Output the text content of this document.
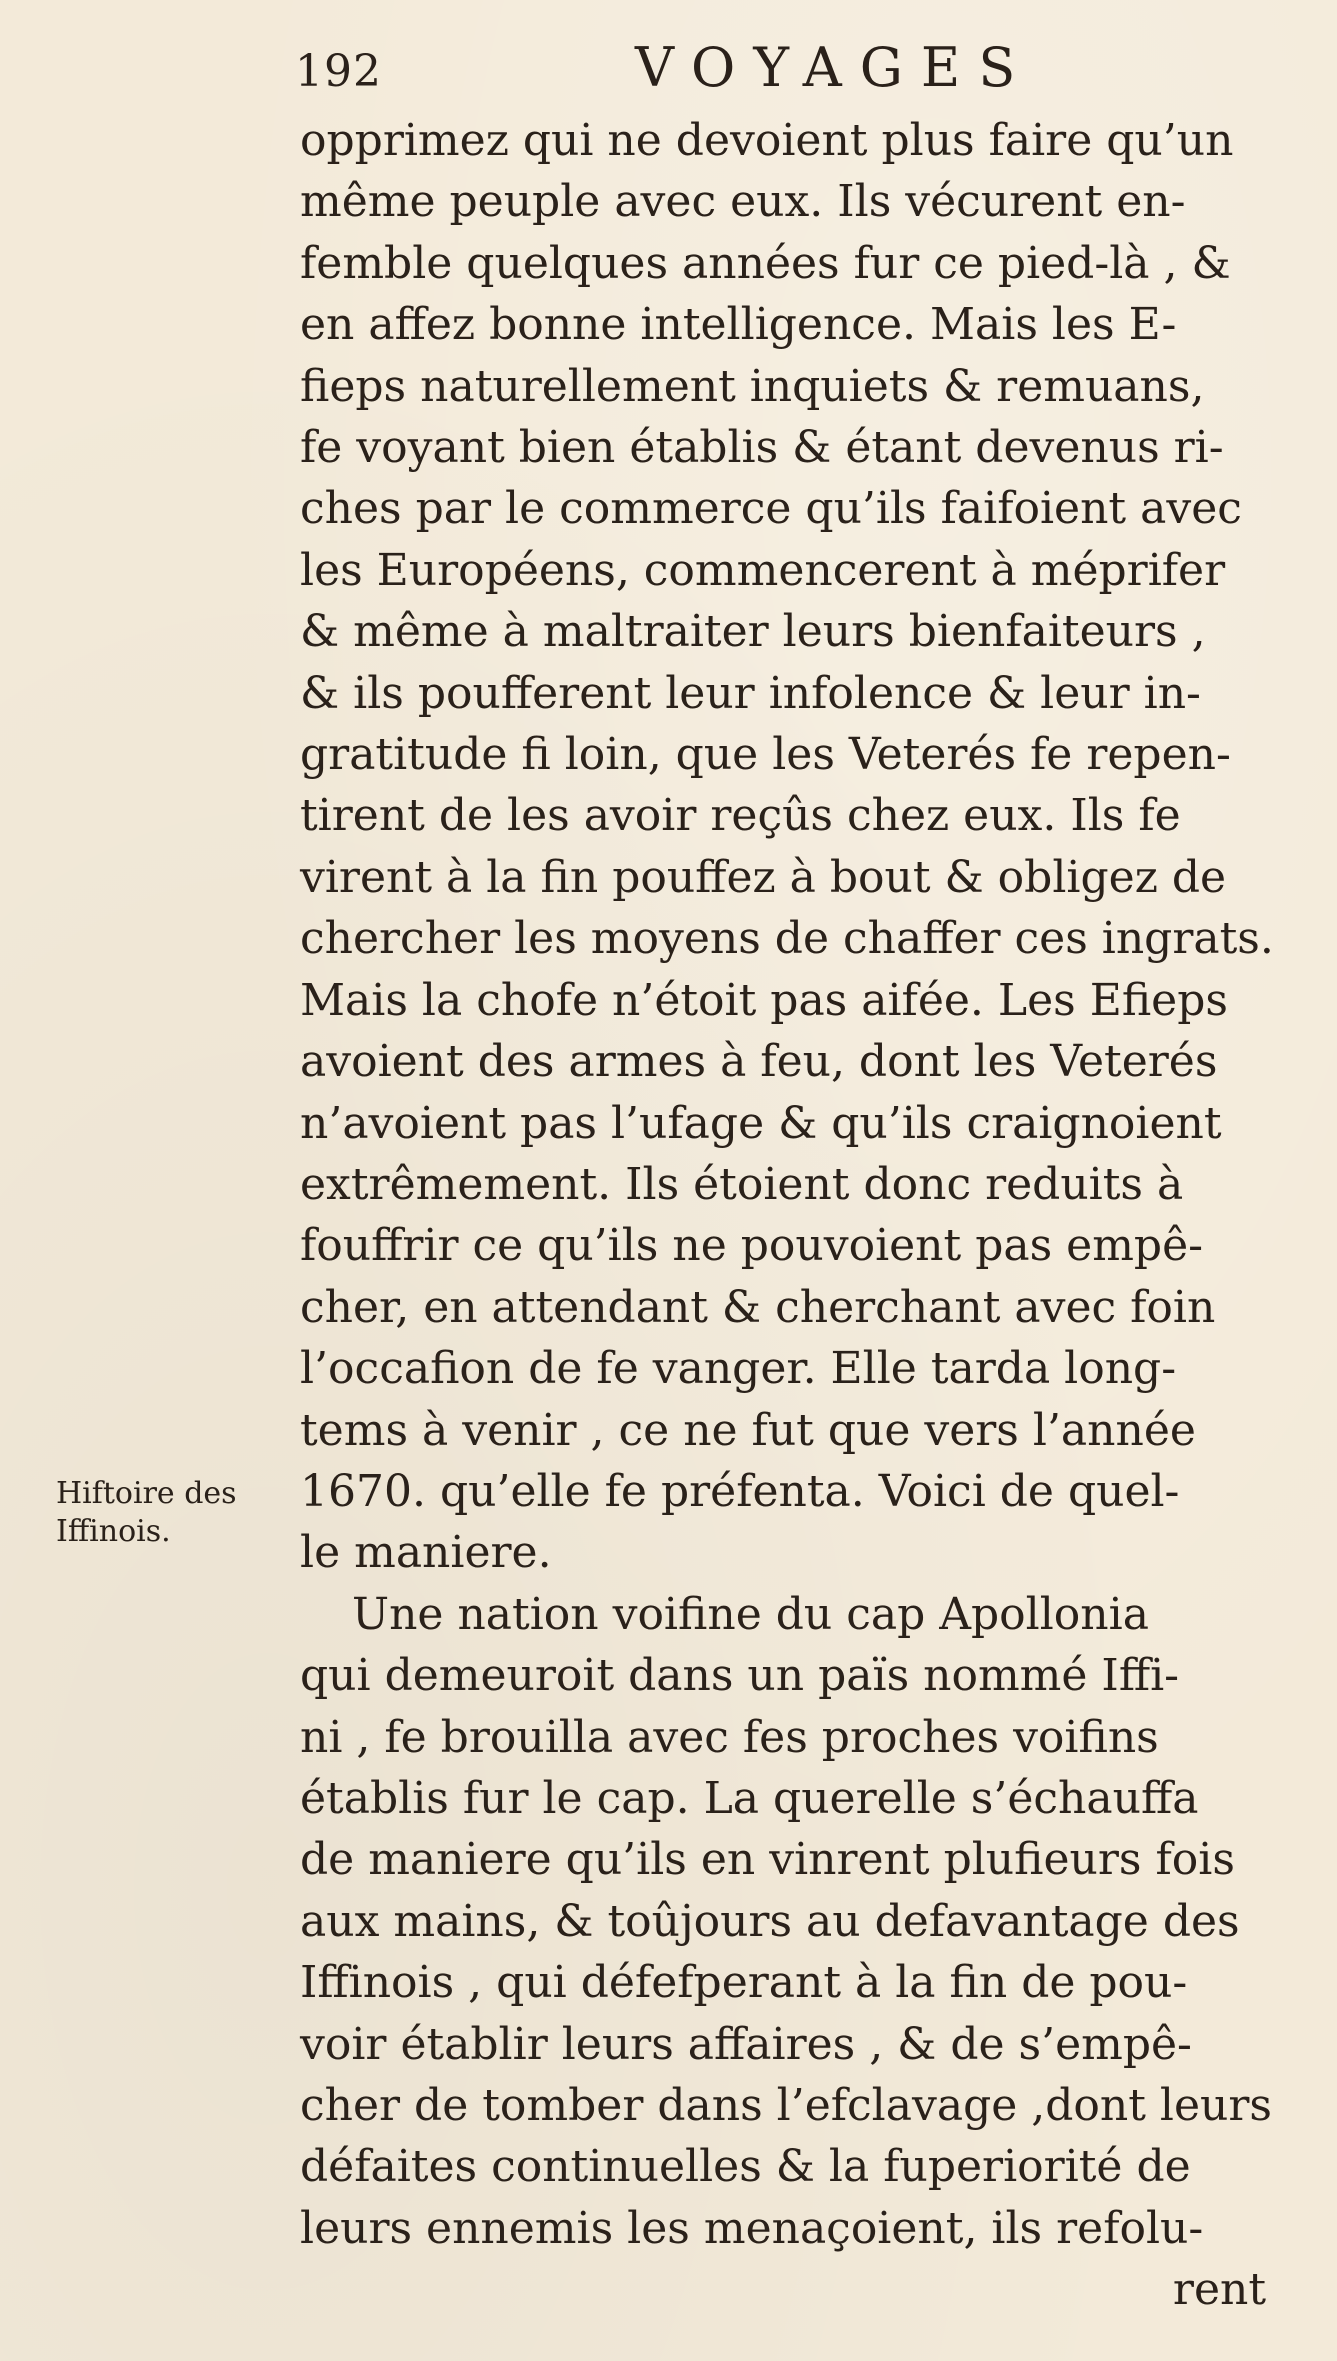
192	VOYAGES
Hiftoire des
Iffinois.
opprimez qui ne devoient plus faire qu’un
même peuple avec eux. Ils vécurent en-
femble quelques années fur ce pied-là , &
en affez bonne intelligence. Mais les E-
fieps naturellement inquiets & remuans,
fe voyant bien établis & étant devenus ri-
ches par le commerce qu’ils faifoient avec
les Européens, commencerent à méprifer
& même à maltraiter leurs bienfaiteurs ,
& ils poufferent leur infolence & leur in-
gratitude fi loin, que les Veterés fe repen-
tirent de les avoir reçûs chez eux. Ils fe
virent à la fin pouffez à bout & obligez de
chercher les moyens de chaffer ces ingrats.
Mais la chofe n’étoit pas aifée. Les Efieps
avoient des armes à feu, dont les Veterés
n’avoient pas l’ufage & qu’ils craignoient
extrêmement. Ils étoient donc reduits à
fouffrir ce qu’ils ne pouvoient pas empê-
cher, en attendant & cherchant avec foin
l’occafion de fe vanger. Elle tarda long-
tems à venir , ce ne fut que vers l’année
1670. qu’elle fe préfenta. Voici de quel-
le maniere.
Une nation voifine du cap Apollonia
qui demeuroit dans un païs nommé Iffi-
ni , fe brouilla avec fes proches voifins
établis fur le cap. La querelle s’échauffa
de maniere qu’ils en vinrent plufieurs fois
aux mains, & toûjours au defavantage des
Iffinois , qui défefperant à la fin de pou-
voir établir leurs affaires , & de s’empê-
cher de tomber dans l’efclavage ,dont leurs
défaites continuelles & la fuperiorité de
leurs ennemis les menaçoient, ils refolu-
rent
